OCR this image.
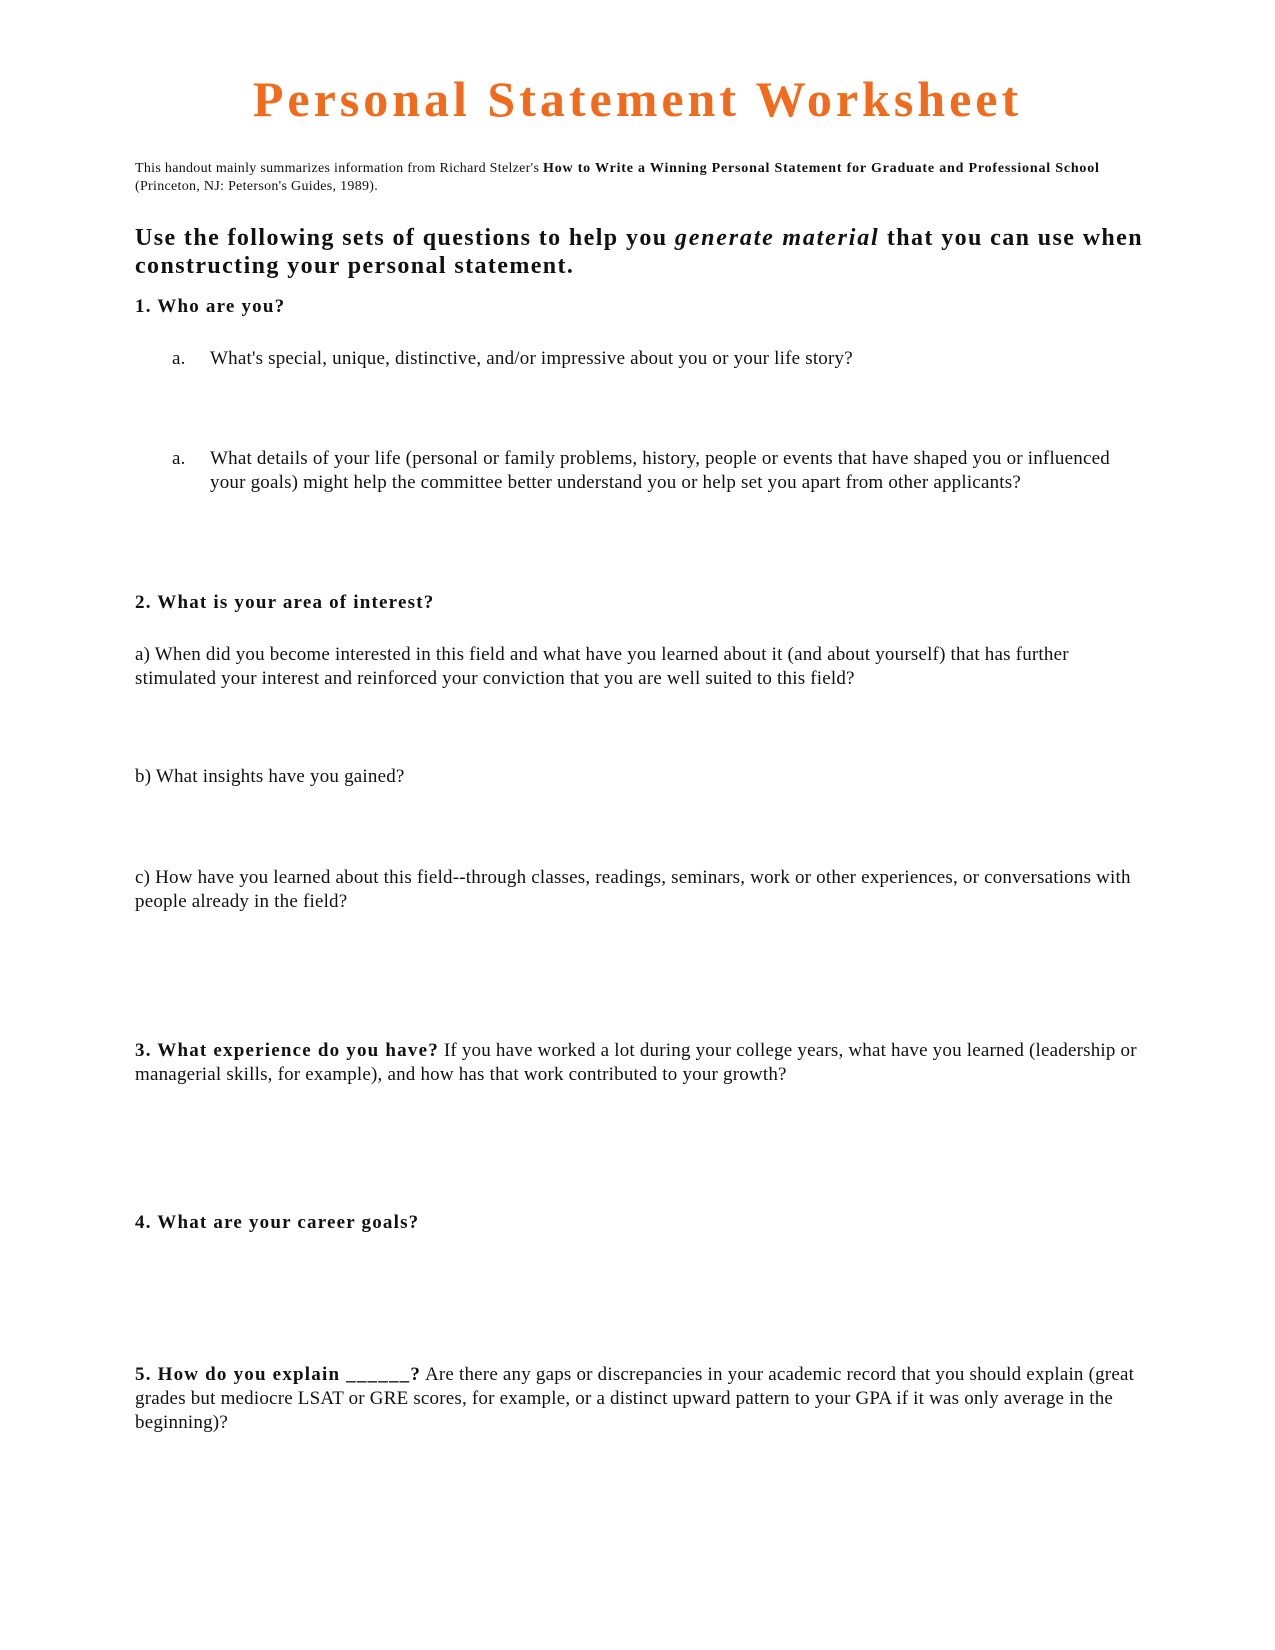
Personal Statement Worksheet

This handout mainly summarizes information from Richard Stelzer's How to Write a Winning Personal Statement for Graduate and Professional School (Princeton, NJ: Peterson's Guides, 1989).

Use the following sets of questions to help you generate material that you can use when constructing your personal statement.

1. Who are you?

a.	What's special, unique, distinctive, and/or impressive about you or your life story?

a.	What details of your life (personal or family problems, history, people or events that have shaped you or influenced your goals) might help the committee better understand you or help set you apart from other applicants?

2. What is your area of interest?

a) When did you become interested in this field and what have you learned about it (and about yourself) that has further stimulated your interest and reinforced your conviction that you are well suited to this field?

b) What insights have you gained?

c) How have you learned about this field--through classes, readings, seminars, work or other experiences, or conversations with people already in the field?

3. What experience do you have? If you have worked a lot during your college years, what have you learned (leadership or managerial skills, for example), and how has that work contributed to your growth?

4. What are your career goals?

5. How do you explain ______? Are there any gaps or discrepancies in your academic record that you should explain (great grades but mediocre LSAT or GRE scores, for example, or a distinct upward pattern to your GPA if it was only average in the beginning)?
